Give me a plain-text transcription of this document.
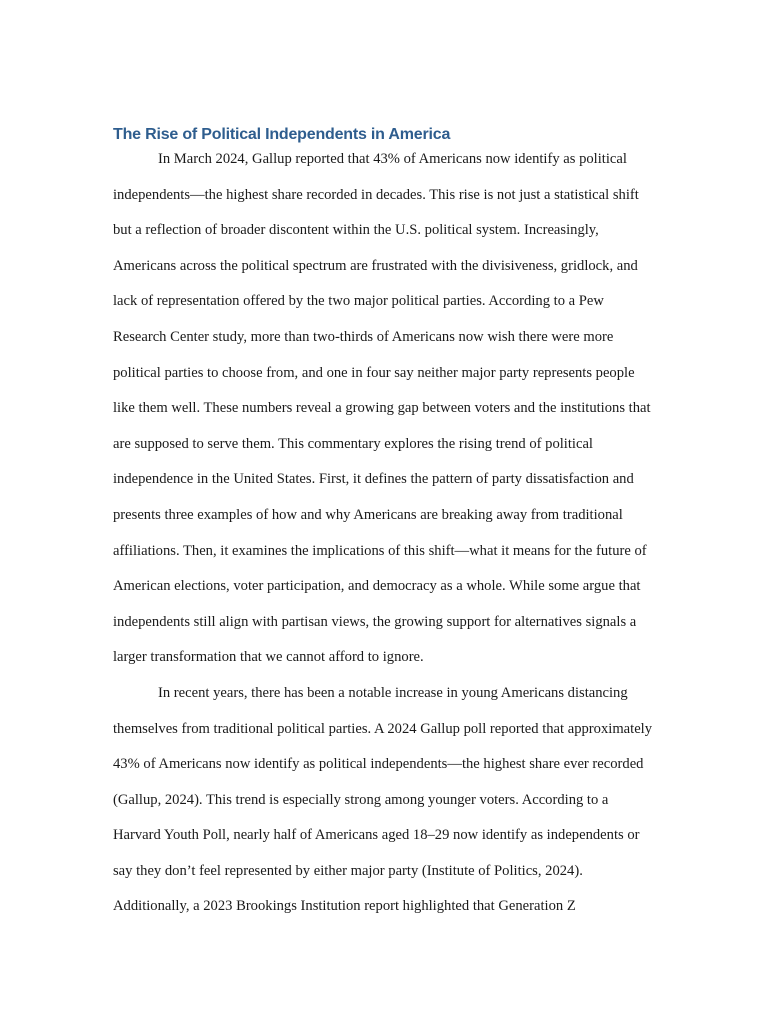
The Rise of Political Independents in America

In March 2024, Gallup reported that 43% of Americans now identify as political independents—the highest share recorded in decades. This rise is not just a statistical shift but a reflection of broader discontent within the U.S. political system. Increasingly, Americans across the political spectrum are frustrated with the divisiveness, gridlock, and lack of representation offered by the two major political parties. According to a Pew Research Center study, more than two-thirds of Americans now wish there were more political parties to choose from, and one in four say neither major party represents people like them well. These numbers reveal a growing gap between voters and the institutions that are supposed to serve them. This commentary explores the rising trend of political independence in the United States. First, it defines the pattern of party dissatisfaction and presents three examples of how and why Americans are breaking away from traditional affiliations. Then, it examines the implications of this shift—what it means for the future of American elections, voter participation, and democracy as a whole. While some argue that independents still align with partisan views, the growing support for alternatives signals a larger transformation that we cannot afford to ignore.

In recent years, there has been a notable increase in young Americans distancing themselves from traditional political parties. A 2024 Gallup poll reported that approximately 43% of Americans now identify as political independents—the highest share ever recorded (Gallup, 2024). This trend is especially strong among younger voters. According to a Harvard Youth Poll, nearly half of Americans aged 18–29 now identify as independents or say they don’t feel represented by either major party (Institute of Politics, 2024). Additionally, a 2023 Brookings Institution report highlighted that Generation Z
